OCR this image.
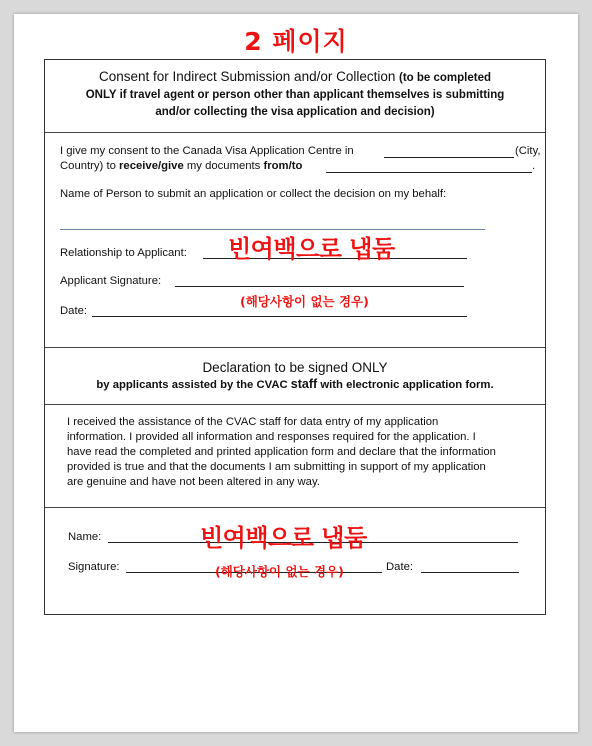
2 페이지
Consent for Indirect Submission and/or Collection (to be completed
ONLY if travel agent or person other than applicant themselves is submitting
and/or collecting the visa application and decision)
I give my consent to the Canada Visa Application Centre in	(City,
Country) to receive/give my documents from/to	.
Name of Person to submit an application or collect the decision on my behalf:
Relationship to Applicant:
Applicant Signature:
Date:
Declaration to be signed ONLY
by applicants assisted by the CVAC staff with electronic application form.
I received the assistance of the CVAC staff for data entry of my application
information. I provided all information and responses required for the application. I
have read the completed and printed application form and declare that the information
provided is true and that the documents I am submitting in support of my application
are genuine and have not been altered in any way.
Name:
Signature:	Date:
빈여백으로 냅둠
(해당사항이 없는 경우)
빈여백으로 냅둠
(해당사항이 없는 경우)
